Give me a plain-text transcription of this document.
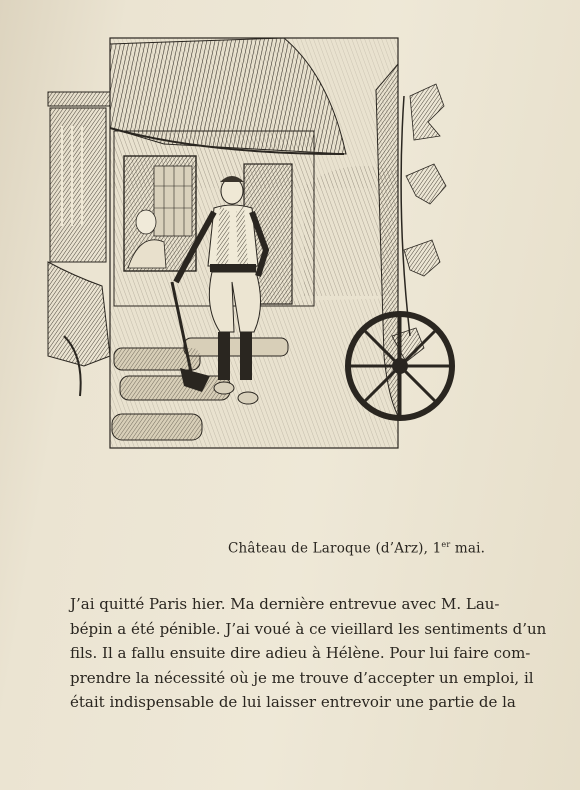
Château de Laroque (d’Arz), 1er mai.
J’ai quitté Paris hier. Ma dernière entrevue avec M. Lau-
bépin a été pénible. J’ai voué à ce vieillard les sentiments d’un
fils. Il a fallu ensuite dire adieu à Hélène. Pour lui faire com-
prendre la nécessité où je me trouve d’accepter un emploi, il
était indispensable de lui laisser entrevoir une partie de la
